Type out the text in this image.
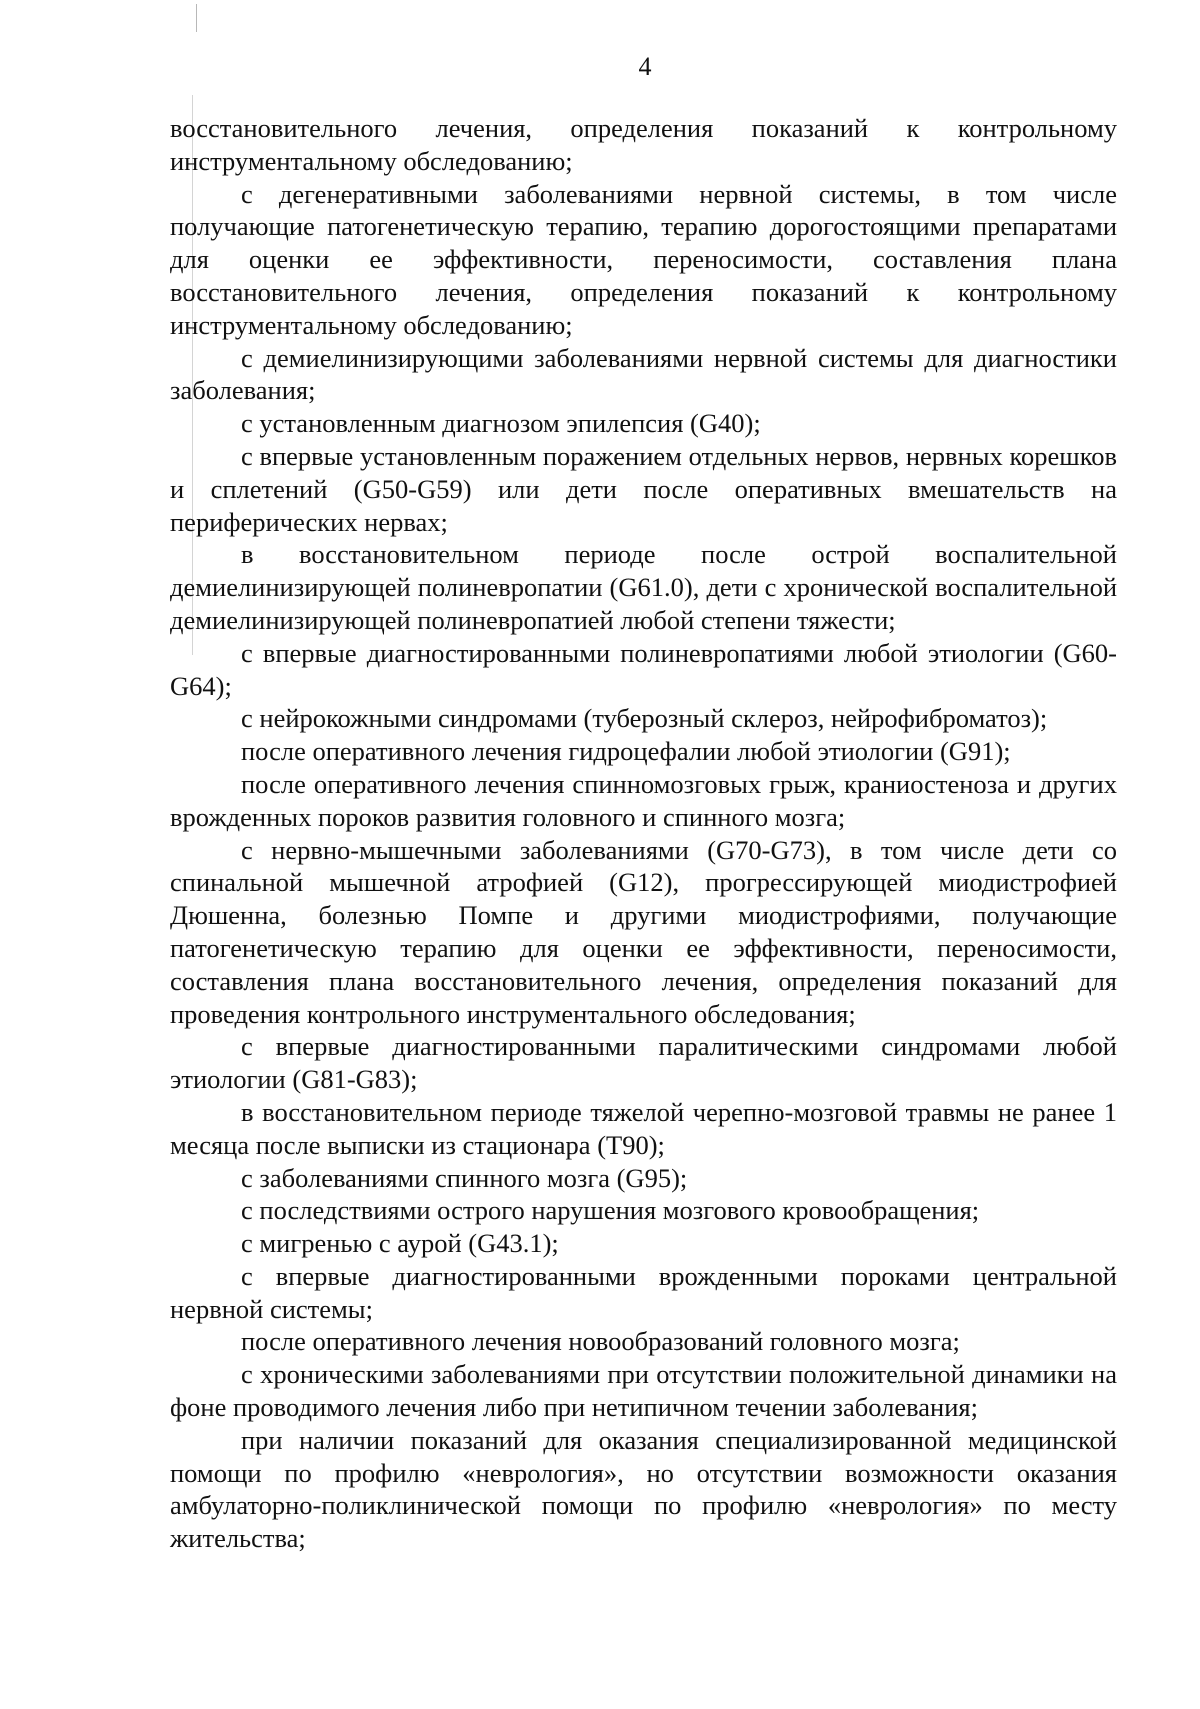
4

восстановительного лечения, определения показаний к контрольному инструментальному обследованию;

с дегенеративными заболеваниями нервной системы, в том числе получающие патогенетическую терапию, терапию дорогостоящими препаратами для оценки ее эффективности, переносимости, составления плана восстановительного лечения, определения показаний к контрольному инструментальному обследованию;

с демиелинизирующими заболеваниями нервной системы для диагностики заболевания;

с установленным диагнозом эпилепсия (G40);

с впервые установленным поражением отдельных нервов, нервных корешков и сплетений (G50-G59) или дети после оперативных вмешательств на периферических нервах;

в восстановительном периоде после острой воспалительной демиелинизирующей полиневропатии (G61.0), дети с хронической воспалительной демиелинизирующей полиневропатией любой степени тяжести;

с впервые диагностированными полиневропатиями любой этиологии (G60-G64);

с нейрокожными синдромами (туберозный склероз, нейрофиброматоз);

после оперативного лечения гидроцефалии любой этиологии (G91);

после оперативного лечения спинномозговых грыж, краниостеноза и других врожденных пороков развития головного и спинного мозга;

с нервно-мышечными заболеваниями (G70-G73), в том числе дети со спинальной мышечной атрофией (G12), прогрессирующей миодистрофией Дюшенна, болезнью Помпе и другими миодистрофиями, получающие патогенетическую терапию для оценки ее эффективности, переносимости, составления плана восстановительного лечения, определения показаний для проведения контрольного инструментального обследования;

с впервые диагностированными паралитическими синдромами любой этиологии (G81-G83);

в восстановительном периоде тяжелой черепно-мозговой травмы не ранее 1 месяца после выписки из стационара (T90);

с заболеваниями спинного мозга (G95);

с последствиями острого нарушения мозгового кровообращения;

с мигренью с аурой (G43.1);

с впервые диагностированными врожденными пороками центральной нервной системы;

после оперативного лечения новообразований головного мозга;

с хроническими заболеваниями при отсутствии положительной динамики на фоне проводимого лечения либо при нетипичном течении заболевания;

при наличии показаний для оказания специализированной медицинской помощи по профилю «неврология», но отсутствии возможности оказания амбулаторно-поликлинической помощи по профилю «неврология» по месту жительства;
